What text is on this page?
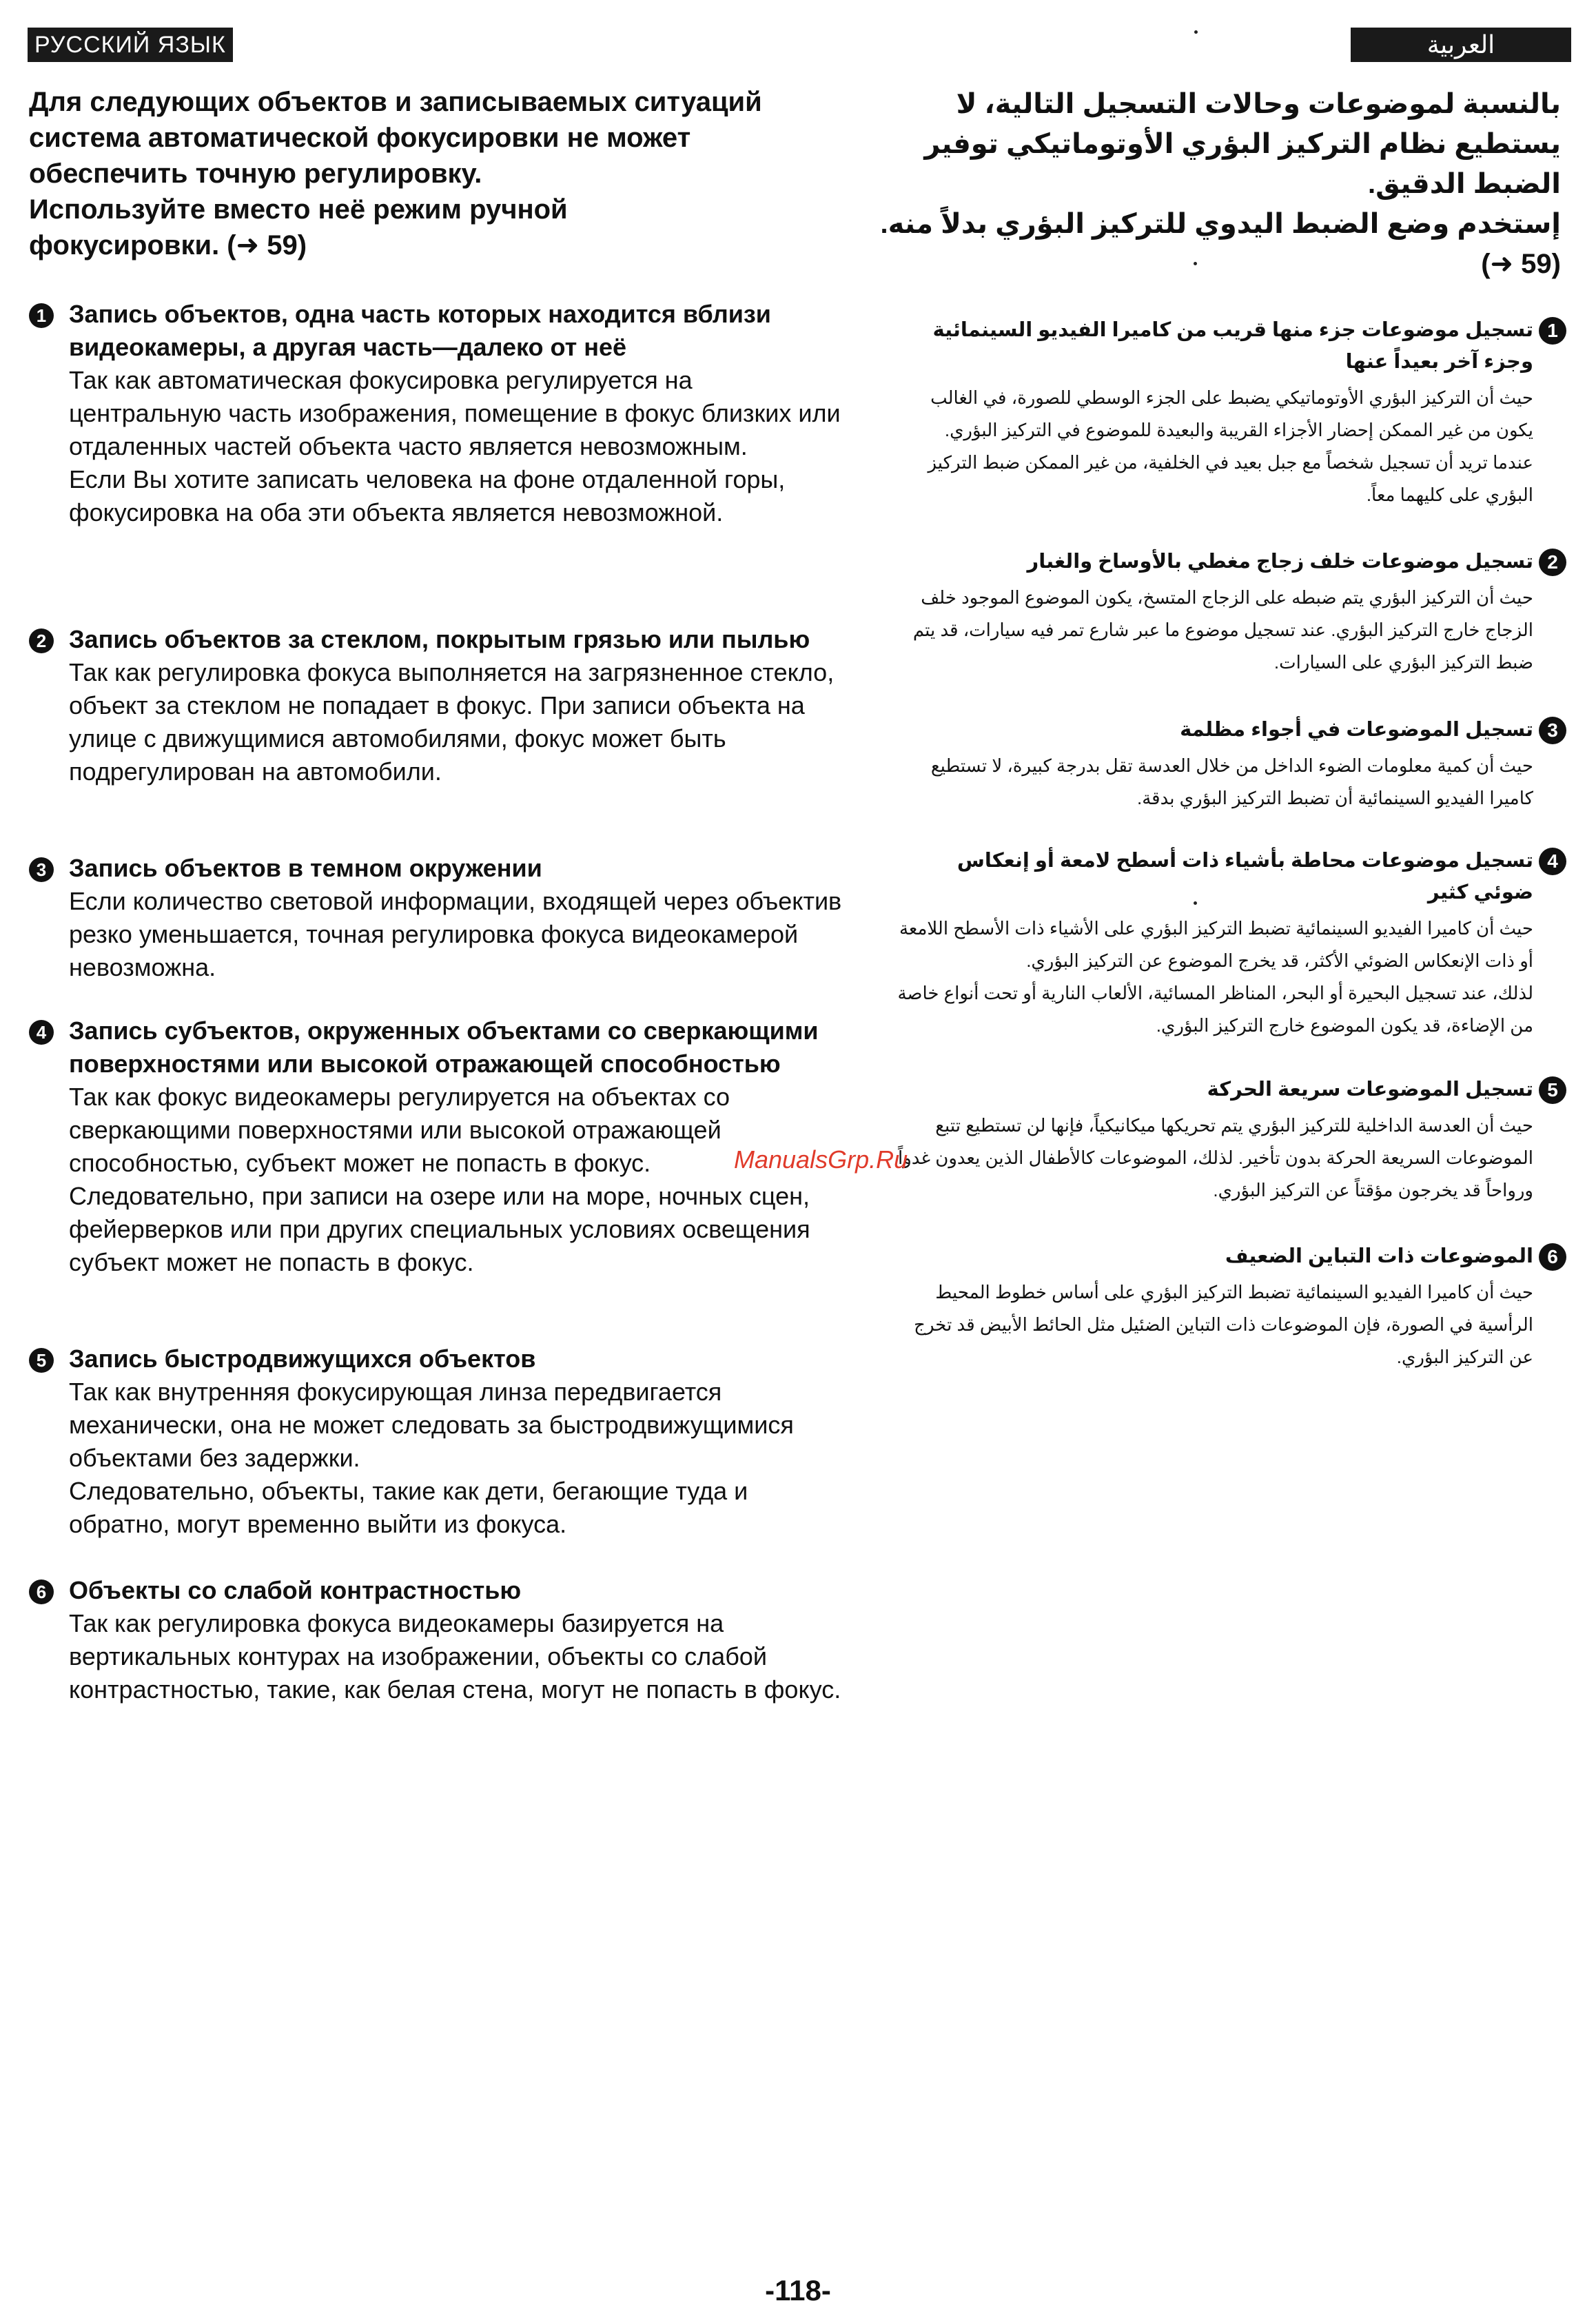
РУССКИЙ ЯЗЫК	العربية

Для следующих объектов и записываемых ситуаций

система автоматической фокусировки не может

обеспечить точную регулировку.

Используйте вместо неё режим ручной

фокусировки. (➜ 59)

1 Запись объектов, одна часть которых находится вблизи видеокамеры, а другая часть—далеко от неё

Так как автоматическая фокусировка регулируется на центральную часть изображения, помещение в фокус близких или отдаленных частей объекта часто является невозможным.

Если Вы хотите записать человека на фоне отдаленной горы, фокусировка на оба эти объекта является невозможной.

2 Запись объектов за стеклом, покрытым грязью или пылью

Так как регулировка фокуса выполняется на загрязненное стекло, объект за стеклом не попадает в фокус. При записи объекта на улице с движущимися автомобилями, фокус может быть подрегулирован на автомобили.

3 Запись объектов в темном окружении

Если количество световой информации, входящей через объектив резко уменьшается, точная регулировка фокуса видеокамерой невозможна.

4 Запись субъектов, окруженных объектами со сверкающими поверхностями или высокой отражающей способностью

Так как фокус видеокамеры регулируется на объектах со сверкающими поверхностями или высокой отражающей способностью, субъект может не попасть в фокус.

Следовательно, при записи на озере или на море, ночных сцен, фейерверков или при других специальных условиях освещения субъект может не попасть в фокус.

5 Запись быстродвижущихся объектов

Так как внутренняя фокусирующая линза передвигается механически, она не может следовать за быстродвижущимися объектами без задержки.

Следовательно, объекты, такие как дети, бегающие туда и обратно, могут временно выйти из фокуса.

6 Объекты со слабой контрастностью

Так как регулировка фокуса видеокамеры базируется на вертикальных контурах на изображении, объекты со слабой контрастностью, такие, как белая стена, могут не попасть в фокус.

بالنسبة لموضوعات وحالات التسجيل التالية، لا يستطيع نظام التركيز البؤري الأوتوماتيكي توفير الضبط الدقيق.

إستخدم وضع الضبط اليدوي للتركيز البؤري بدلاً منه.

(➜ 59)

1
تسجيل موضوعات جزء منها قريب من كاميرا الفيديو السينمائية وجزء آخر بعيداً عنها

حيث أن التركيز البؤري الأوتوماتيكي يضبط على الجزء الوسطي للصورة، في الغالب يكون من غير الممكن إحضار الأجزاء القريبة والبعيدة للموضوع في التركيز البؤري.

عندما تريد أن تسجيل شخصاً مع جبل بعيد في الخلفية، من غير الممكن ضبط التركيز البؤري على كليهما معاً.

2
تسجيل موضوعات خلف زجاج مغطي بالأوساخ والغبار

حيث أن التركيز البؤري يتم ضبطه على الزجاج المتسخ، يكون الموضوع الموجود خلف الزجاج خارج التركيز البؤري. عند تسجيل موضوع ما عبر شارع تمر فيه سيارات، قد يتم ضبط التركيز البؤري على السيارات.

3
تسجيل الموضوعات في أجواء مظلمة

حيث أن كمية معلومات الضوء الداخل من خلال العدسة تقل بدرجة كبيرة، لا تستطيع كاميرا الفيديو السينمائية أن تضبط التركيز البؤري بدقة.

4
تسجيل موضوعات محاطة بأشياء ذات أسطح لامعة أو إنعكاس ضوئي كثير

حيث أن كاميرا الفيديو السينمائية تضبط التركيز البؤري على الأشياء ذات الأسطح اللامعة أو ذات الإنعكاس الضوئي الأكثر، قد يخرج الموضوع عن التركيز البؤري.

لذلك، عند تسجيل البحيرة أو البحر، المناظر المسائية، الألعاب النارية أو تحت أنواع خاصة من الإضاءة، قد يكون الموضوع خارج التركيز البؤري.

5
تسجيل الموضوعات سريعة الحركة

حيث أن العدسة الداخلية للتركيز البؤري يتم تحريكها ميكانيكياً، فإنها لن تستطيع تتبع الموضوعات السريعة الحركة بدون تأخير. لذلك، الموضوعات كالأطفال الذين يعدون غدواً ورواحاً قد يخرجون مؤقتاً عن التركيز البؤري.

6
الموضوعات ذات التباين الضعيف

حيث أن كاميرا الفيديو السينمائية تضبط التركيز البؤري على أساس خطوط المحيط الرأسية في الصورة، فإن الموضوعات ذات التباين الضئيل مثل الحائط الأبيض قد تخرج عن التركيز البؤري.

ManualsGrp.Ru
-118-
